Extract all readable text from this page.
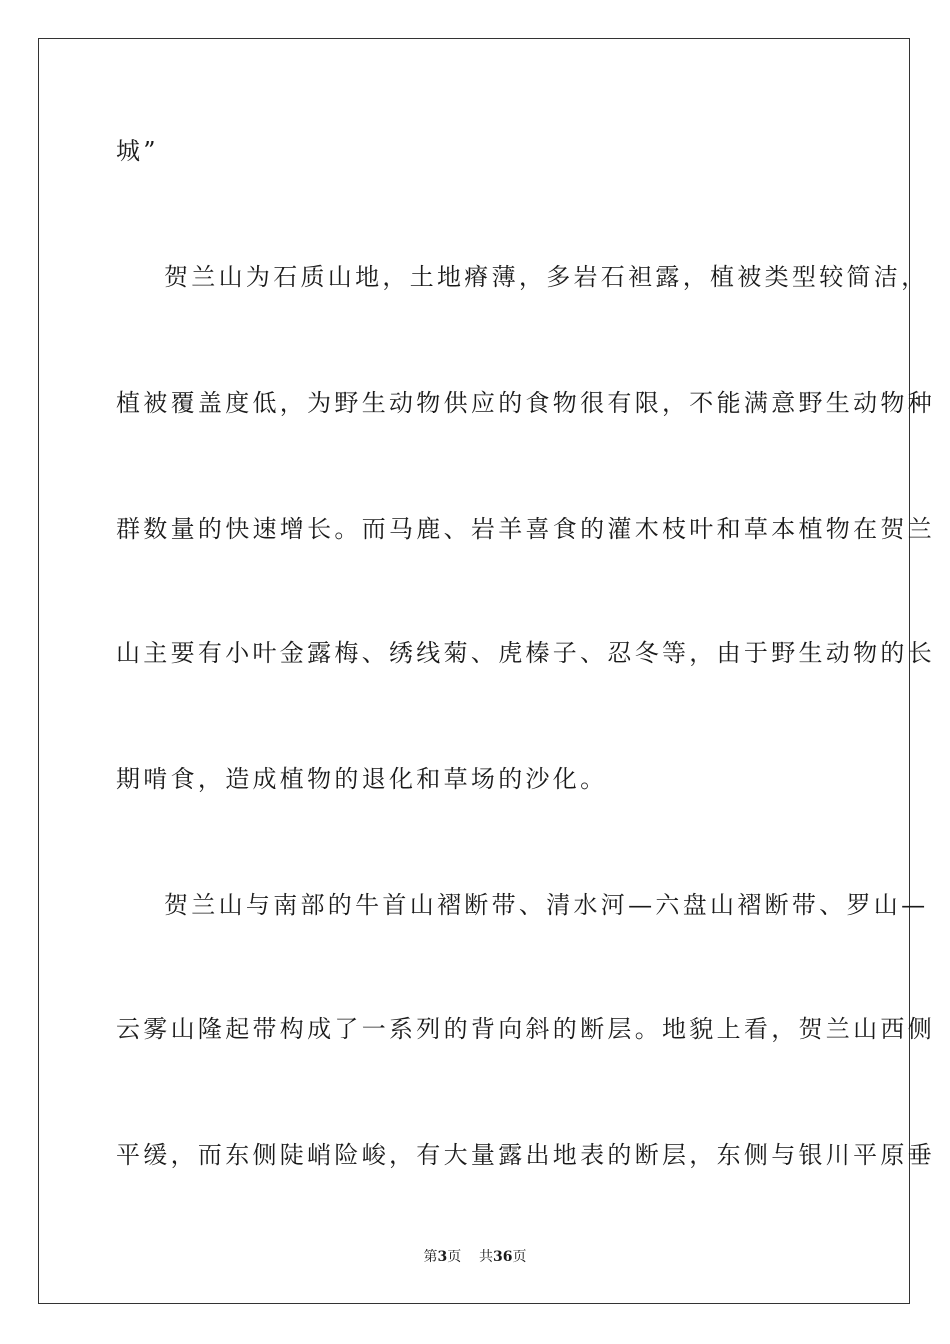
城”

贺兰山为石质山地，土地瘠薄，多岩石袒露，植被类型较简洁，

植被覆盖度低，为野生动物供应的食物很有限，不能满意野生动物种

群数量的快速增长。而马鹿、岩羊喜食的灌木枝叶和草本植物在贺兰

山主要有小叶金露梅、绣线菊、虎榛子、忍冬等，由于野生动物的长

期啃食，造成植物的退化和草场的沙化。

贺兰山与南部的牛首山褶断带、清水河—六盘山褶断带、罗山—

云雾山隆起带构成了一系列的背向斜的断层。地貌上看，贺兰山西侧

平缓，而东侧陡峭险峻，有大量露出地表的断层，东侧与银川平原垂

第3页 共36页
